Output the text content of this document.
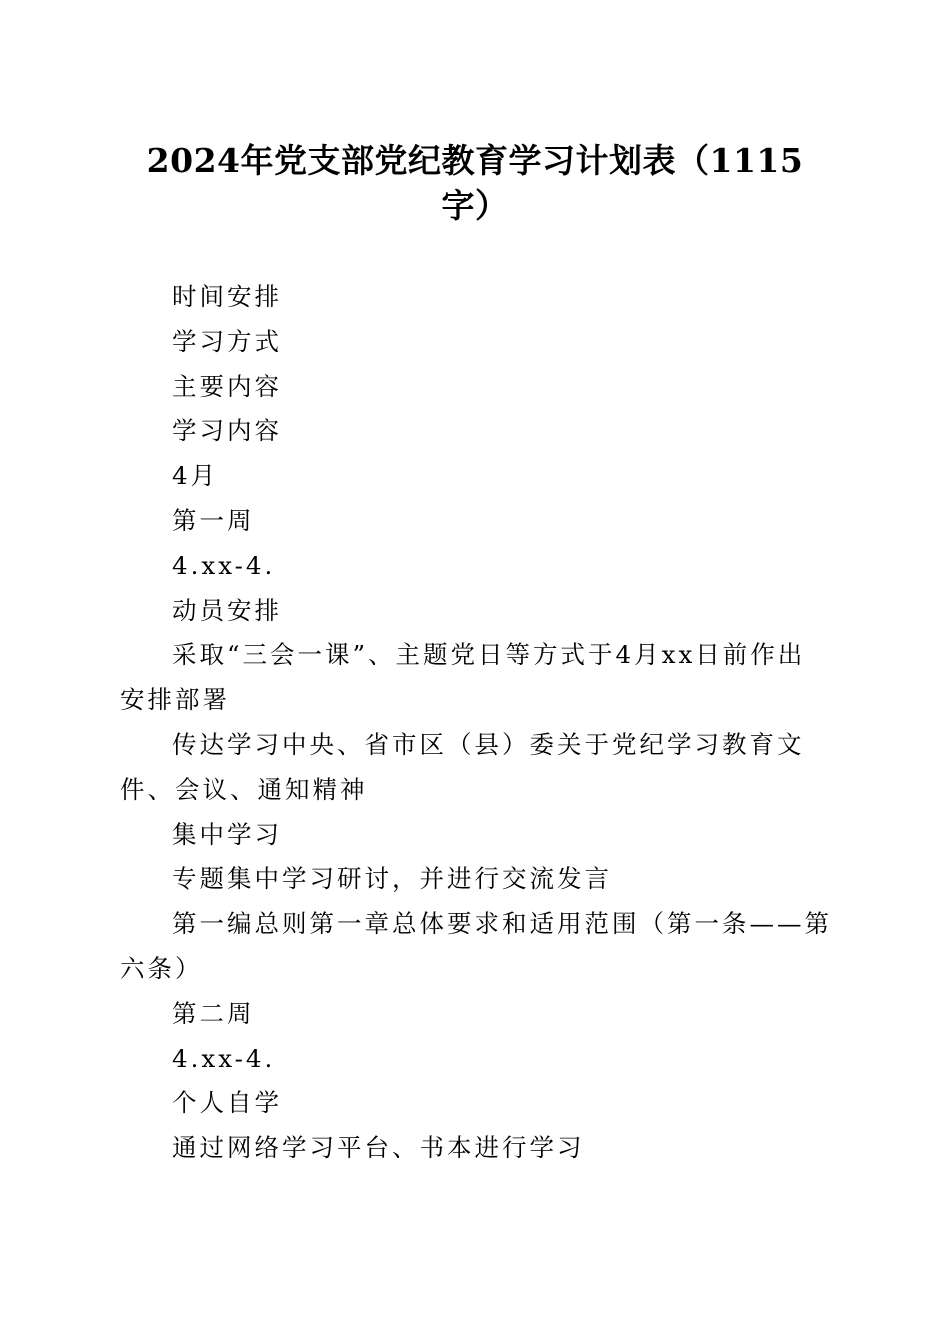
2024年党支部党纪教育学习计划表（1115
字）

时间安排

学习方式

主要内容

学习内容

4月

第一周

4.xx-4.

动员安排

采取“三会一课”、主题党日等方式于4月xx日前作出安排部署

传达学习中央、省市区（县）委关于党纪学习教育文件、会议、通知精神

集中学习

专题集中学习研讨，并进行交流发言

第一编总则第一章总体要求和适用范围（第一条——第六条）

第二周

4.xx-4.

个人自学

通过网络学习平台、书本进行学习
